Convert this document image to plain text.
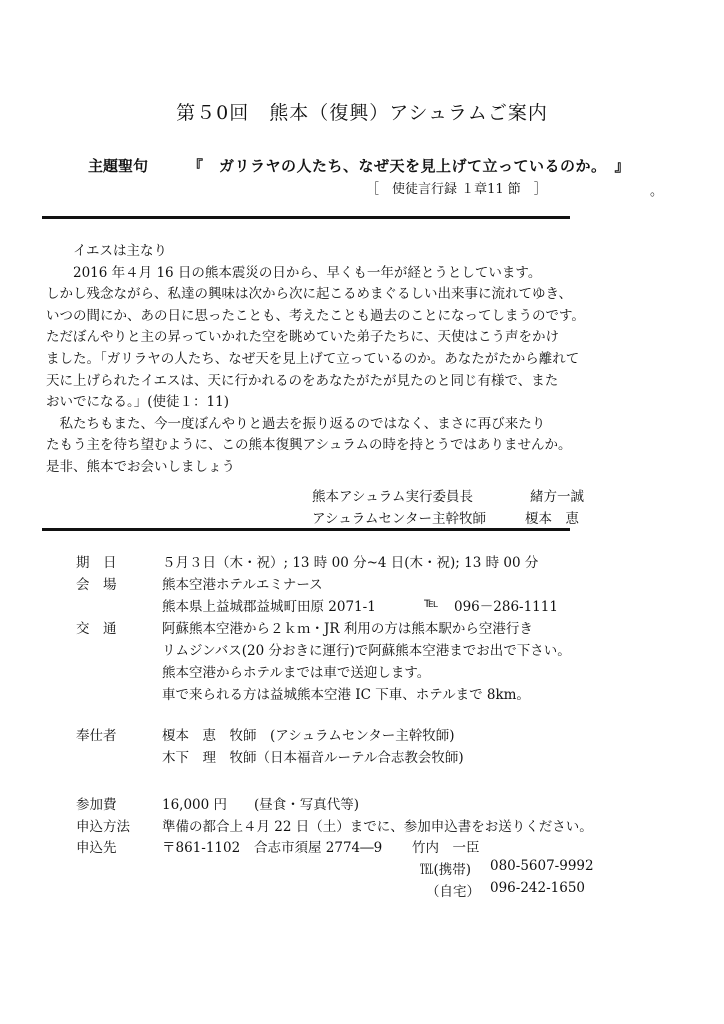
第５0回　熊本（復興）アシュラムご案内
主題聖句	『　ガリラヤの人たち、なぜ天を見上げて立っているのか。　』
［　使徒言行録 １章11 節　］	。
　　イエスは主なり
　　2016 年４月 16 日の熊本震災の日から、早くも一年が経とうとしています。
しかし残念ながら、私達の興味は次から次に起こるめまぐるしい出来事に流れてゆき、
いつの間にか、あの日に思ったことも、考えたことも過去のことになってしまうのです。
ただぼんやりと主の昇っていかれた空を眺めていた弟子たちに、天使はこう声をかけ
ました。「ガリラヤの人たち、なぜ天を見上げて立っているのか。あなたがたから離れて
天に上げられたイエスは、天に行かれるのをあなたがたが見たのと同じ有様で、また
おいでになる。」(使徒１：11)
　私たちもまた、今一度ぼんやりと過去を振り返るのではなく、まさに再び来たり
たもう主を待ち望むように、この熊本復興アシュラムの時を持とうではありませんか。
是非、熊本でお会いしましょう
熊本アシュラム実行委員長	緒方一誠
アシュラムセンター主幹牧師	榎本　恵
期　日	５月３日（木・祝）; 13 時 00 分~4 日(木・祝); 13 時 00 分
会　場	熊本空港ホテルエミナース
熊本県上益城郡益城町田原 2071-1	℡ 096－286-1111
交　通	阿蘇熊本空港から２ｋｍ・JR 利用の方は熊本駅から空港行き
リムジンバス(20 分おきに運行)で阿蘇熊本空港までお出で下さい。
熊本空港からホテルまでは車で送迎します。
車で来られる方は益城熊本空港 IC 下車、ホテルまで 8km。
奉仕者	榎本　恵　牧師　(アシュラムセンター主幹牧師)
木下　理　牧師（日本福音ルーテル合志教会牧師)
参加費	16,000 円　　(昼食・写真代等)
申込方法 準備の都合上４月 22 日（土）までに、参加申込書をお送りください。
申込先	〒861-1102 合志市須屋 2774―9 竹内　一臣
℡(携帯) 080-5607-9992
（自宅） 096-242-1650
